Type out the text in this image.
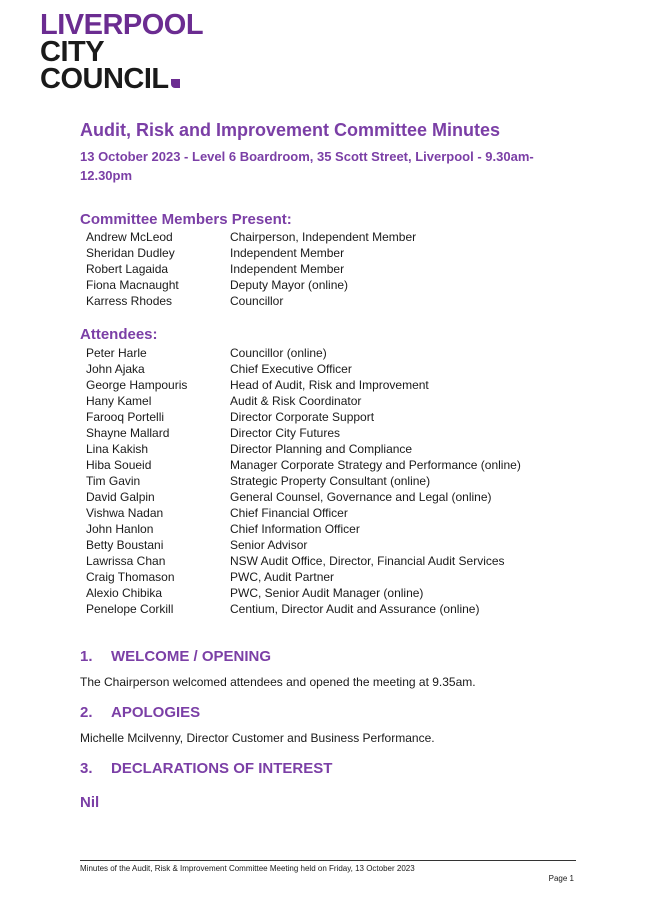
LIVERPOOL
CITY
COUNCIL
Audit, Risk and Improvement Committee Minutes
13 October 2023 - Level 6 Boardroom, 35 Scott Street, Liverpool - 9.30am-12.30pm
Committee Members Present:
Andrew McLeod	Chairperson, Independent Member
Sheridan Dudley	Independent Member
Robert Lagaida	Independent Member
Fiona Macnaught	Deputy Mayor (online)
Karress Rhodes	Councillor
Attendees:
Peter Harle	Councillor (online)
John Ajaka	Chief Executive Officer
George Hampouris	Head of Audit, Risk and Improvement
Hany Kamel	Audit & Risk Coordinator
Farooq Portelli	Director Corporate Support
Shayne Mallard	Director City Futures
Lina Kakish	Director Planning and Compliance
Hiba Soueid	Manager Corporate Strategy and Performance (online)
Tim Gavin	Strategic Property Consultant (online)
David Galpin	General Counsel, Governance and Legal (online)
Vishwa Nadan	Chief Financial Officer
John Hanlon	Chief Information Officer
Betty Boustani	Senior Advisor
Lawrissa Chan	NSW Audit Office, Director, Financial Audit Services
Craig Thomason	PWC, Audit Partner
Alexio Chibika	PWC, Senior Audit Manager (online)
Penelope Corkill	Centium, Director Audit and Assurance (online)
1. WELCOME / OPENING
The Chairperson welcomed attendees and opened the meeting at 9.35am.
2. APOLOGIES
Michelle Mcilvenny, Director Customer and Business Performance.
3. DECLARATIONS OF INTEREST
Nil
Minutes of the Audit, Risk & Improvement Committee Meeting held on Friday, 13 October 2023
Page 1
